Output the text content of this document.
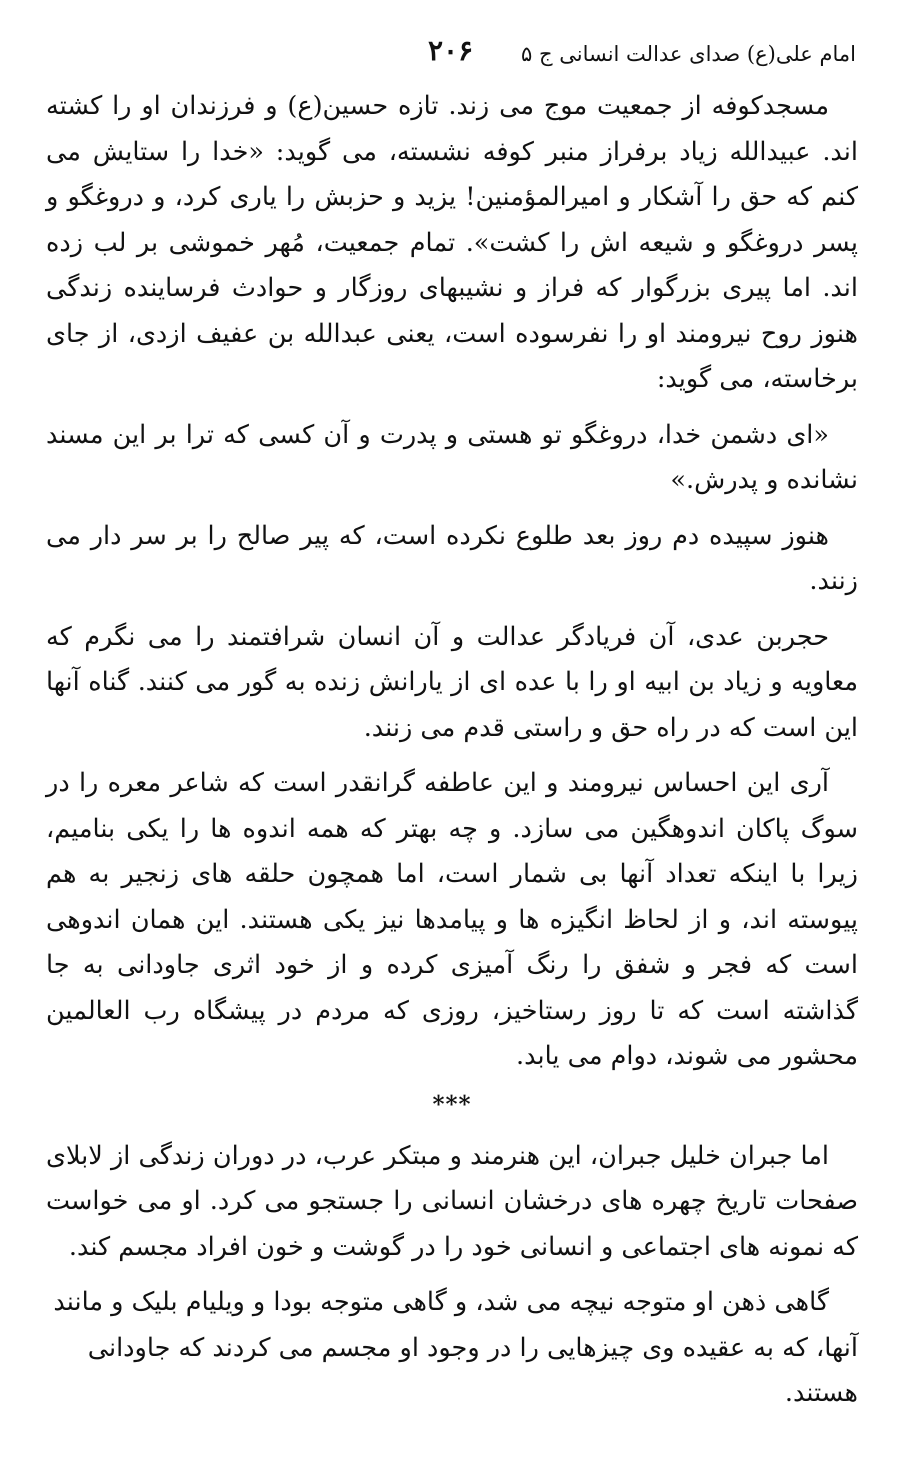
امام علی(ع) صدای عدالت انسانی ج ۵
۲۰۶

مسجدکوفه از جمعیت موج می زند. تازه حسین(ع) و فرزندان او را کشته اند. عبیدالله زیاد برفراز منبر کوفه نشسته، می گوید: «خدا را ستایش می کنم که حق را آشکار و امیرالمؤمنین! یزید و حزبش را یاری کرد، و دروغگو و پسر دروغگو و شیعه اش را کشت». تمام جمعیت، مُهر خموشی بر لب زده اند. اما پیری بزرگوار که فراز و نشیبهای روزگار و حوادث فرساینده زندگی هنوز روح نیرومند او را نفرسوده است، یعنی عبدالله بن عفیف ازدی، از جای برخاسته، می گوید:

«ای دشمن خدا، دروغگو تو هستی و پدرت و آن کسی که ترا بر این مسند نشانده و پدرش.»

هنوز سپیده دم روز بعد طلوع نکرده است، که پیر صالح را بر سر دار می زنند.

حجربن عدی، آن فریادگر عدالت و آن انسان شرافتمند را می نگرم که معاویه و زیاد بن ابیه او را با عده ای از یارانش زنده به گور می کنند. گناه آنها این است که در راه حق و راستی قدم می زنند.

آری این احساس نیرومند و این عاطفه گرانقدر است که شاعر معره را در سوگ پاکان اندوهگین می سازد. و چه بهتر که همه اندوه ها را یکی بنامیم، زیرا با اینکه تعداد آنها بی شمار است، اما همچون حلقه های زنجیر به هم پیوسته اند، و از لحاظ انگیزه ها و پیامدها نیز یکی هستند. این همان اندوهی است که فجر و شفق را رنگ آمیزی کرده و از خود اثری جاودانی به جا گذاشته است که تا روز رستاخیز، روزی که مردم در پیشگاه رب العالمین محشور می شوند، دوام می یابد.

***

اما جبران خلیل جبران، این هنرمند و مبتکر عرب، در دوران زندگی از لابلای صفحات تاریخ چهره های درخشان انسانی را جستجو می کرد. او می خواست که نمونه های اجتماعی و انسانی خود را در گوشت و خون افراد مجسم کند.

گاهی ذهن او متوجه نیچه می شد، و گاهی متوجه بودا و ویلیام بلیک و مانند آنها، که به عقیده وی چیزهایی را در وجود او مجسم می کردند که جاودانی هستند.
